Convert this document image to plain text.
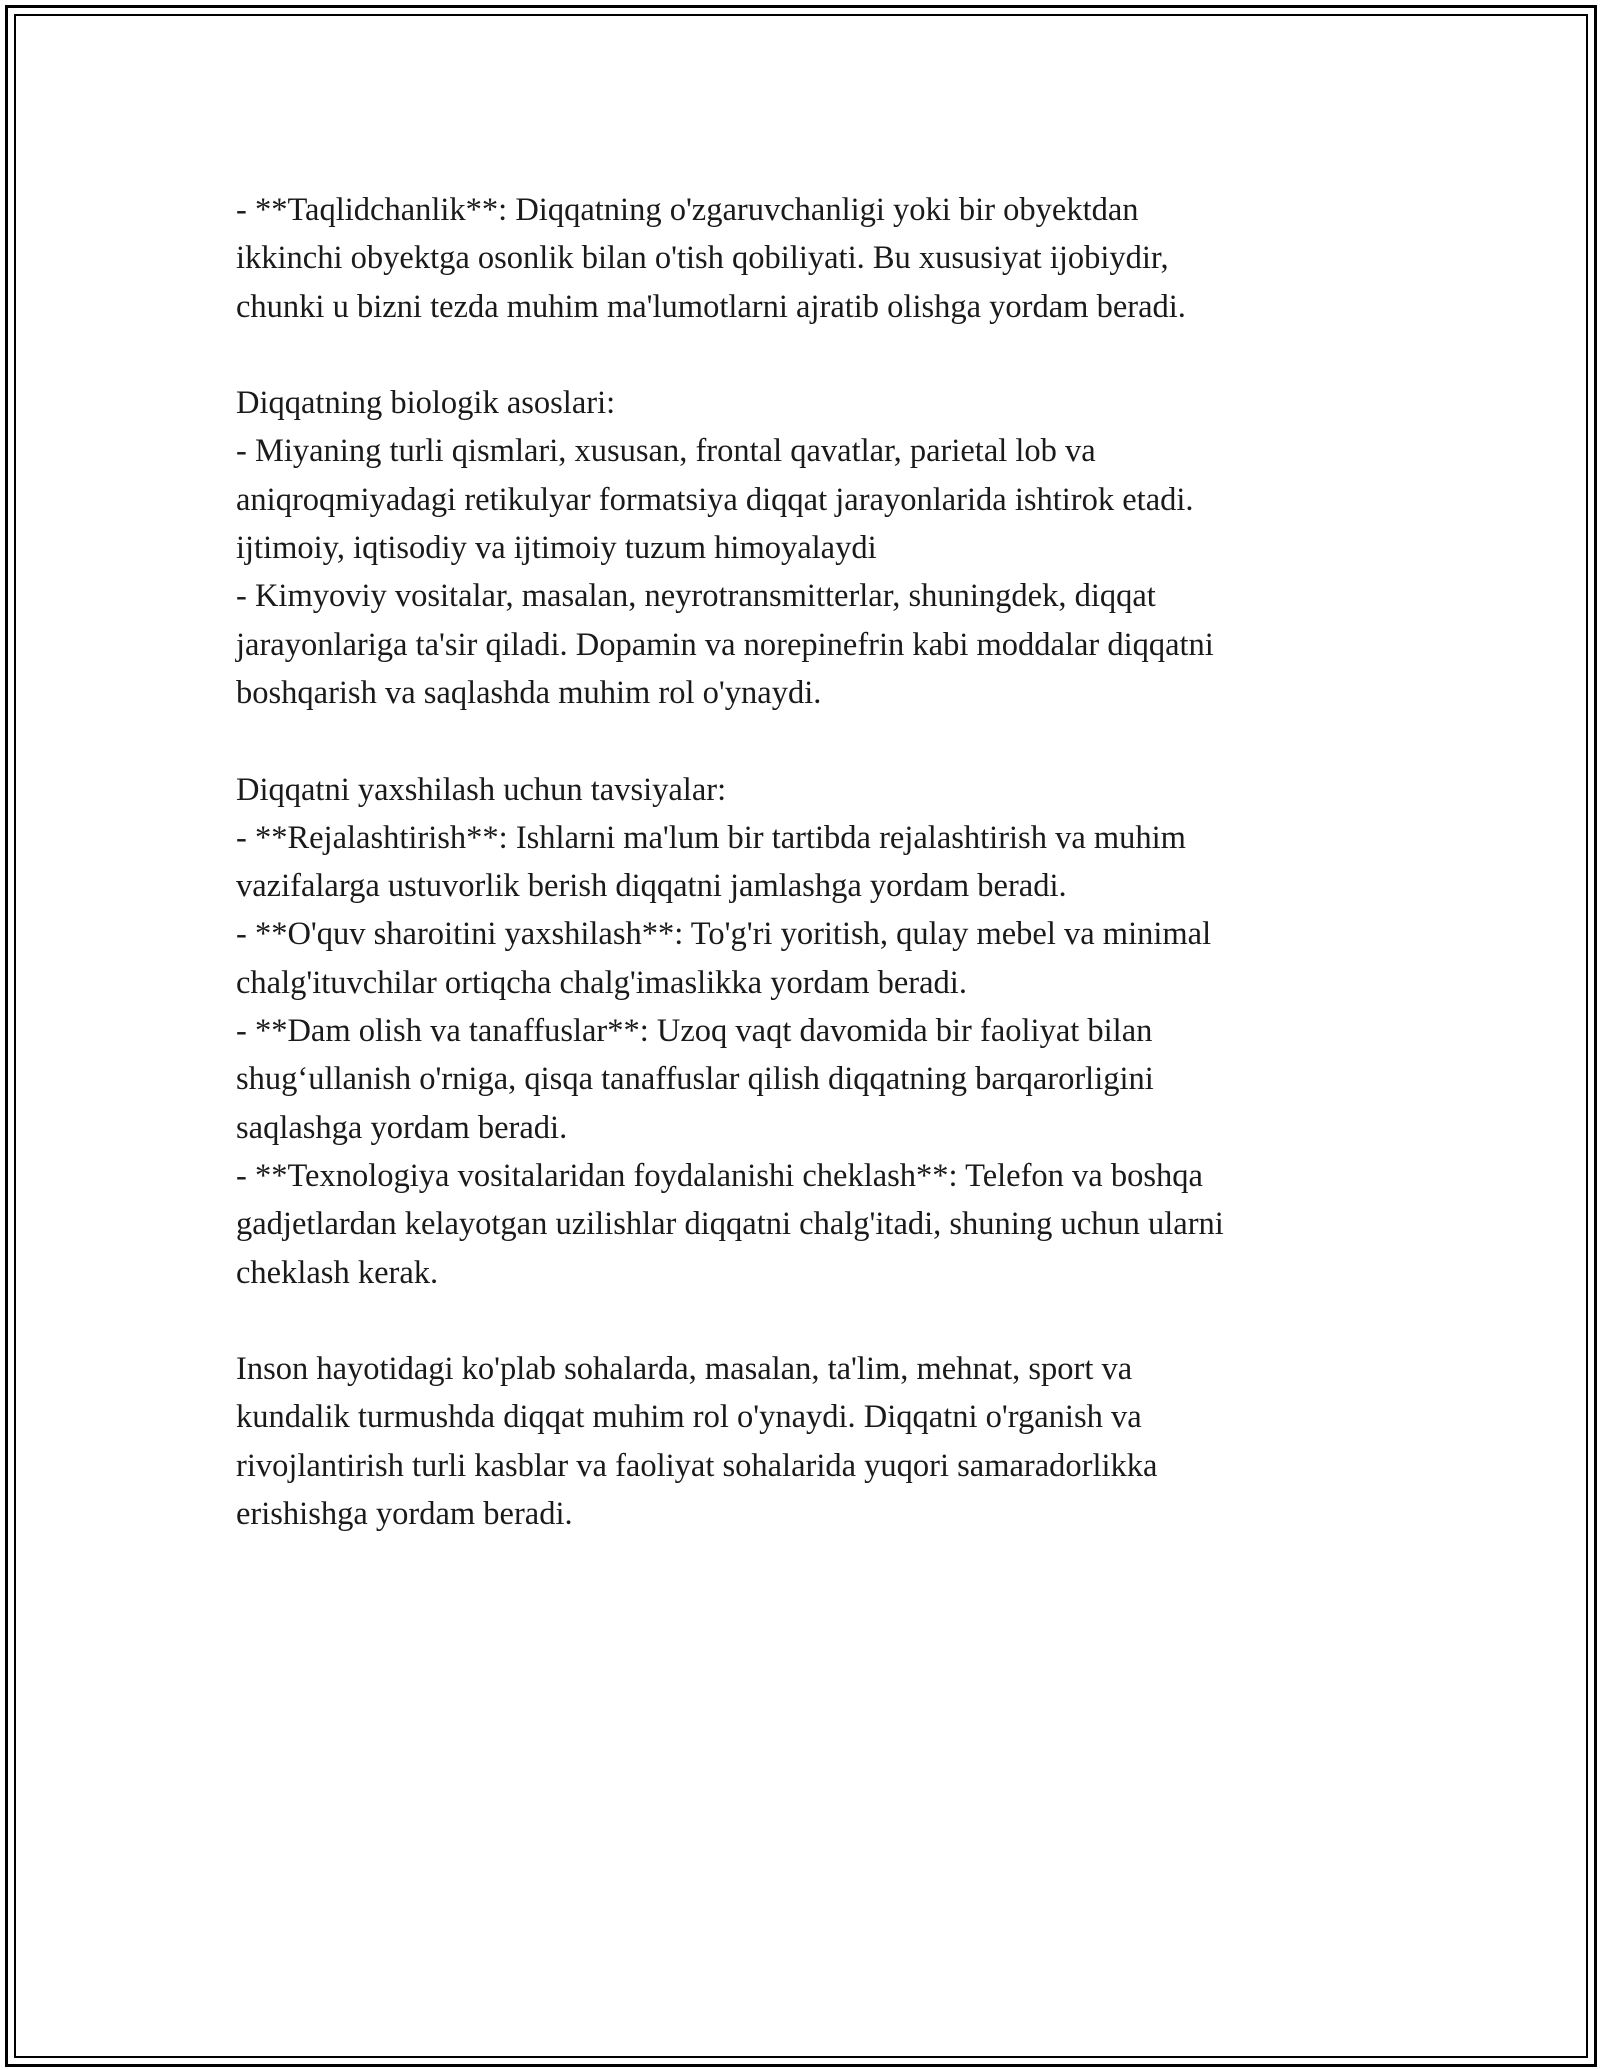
- **Taqlidchanlik**: Diqqatning o'zgaruvchanligi yoki bir obyektdan
ikkinchi obyektga osonlik bilan o'tish qobiliyati. Bu xususiyat ijobiydir,
chunki u bizni tezda muhim ma'lumotlarni ajratib olishga yordam beradi.
Diqqatning biologik asoslari:
- Miyaning turli qismlari, xususan, frontal qavatlar, parietal lob va
aniqroqmiyadagi retikulyar formatsiya diqqat jarayonlarida ishtirok etadi.
ijtimoiy, iqtisodiy va ijtimoiy tuzum himoyalaydi
- Kimyoviy vositalar, masalan, neyrotransmitterlar, shuningdek, diqqat
jarayonlariga ta'sir qiladi. Dopamin va norepinefrin kabi moddalar diqqatni
boshqarish va saqlashda muhim rol o'ynaydi.
Diqqatni yaxshilash uchun tavsiyalar:
- **Rejalashtirish**: Ishlarni ma'lum bir tartibda rejalashtirish va muhim
vazifalarga ustuvorlik berish diqqatni jamlashga yordam beradi.
- **O'quv sharoitini yaxshilash**: To'g'ri yoritish, qulay mebel va minimal
chalg'ituvchilar ortiqcha chalg'imaslikka yordam beradi.
- **Dam olish va tanaffuslar**: Uzoq vaqt davomida bir faoliyat bilan
shug‘ullanish o'rniga, qisqa tanaffuslar qilish diqqatning barqarorligini
saqlashga yordam beradi.
- **Texnologiya vositalaridan foydalanishi cheklash**: Telefon va boshqa
gadjetlardan kelayotgan uzilishlar diqqatni chalg'itadi, shuning uchun ularni
cheklash kerak.
Inson hayotidagi ko'plab sohalarda, masalan, ta'lim, mehnat, sport va
kundalik turmushda diqqat muhim rol o'ynaydi. Diqqatni o'rganish va
rivojlantirish turli kasblar va faoliyat sohalarida yuqori samaradorlikka
erishishga yordam beradi.
